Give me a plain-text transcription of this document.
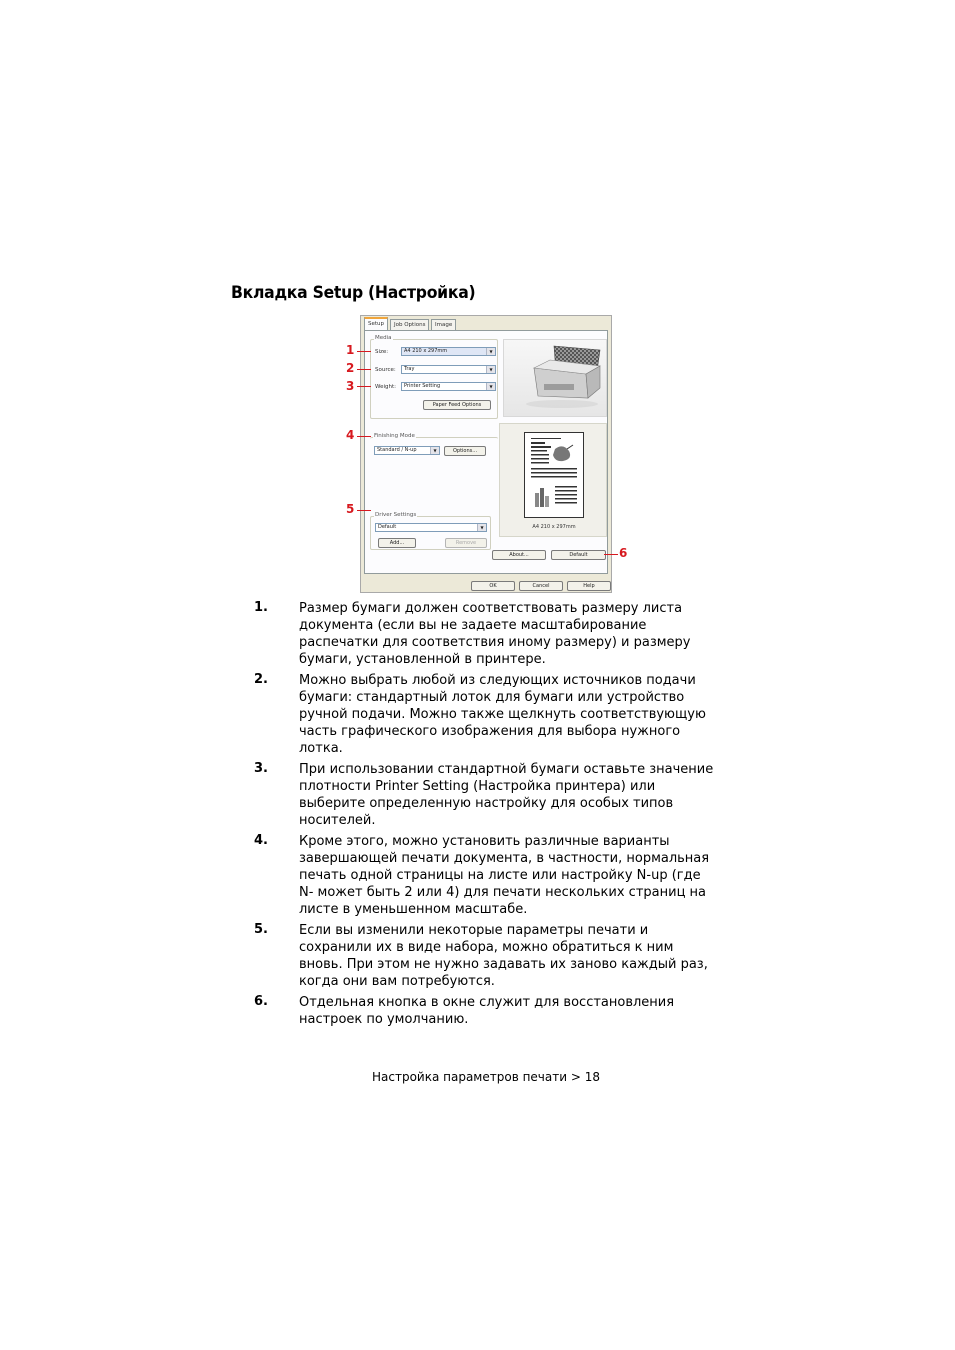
Вкладка Setup (Настройка)
Setup	Job Options	Image
Media
Size:	A4 210 x 297mm	▼
Source:	Tray	▼
Weight:	Printer Setting	▼
Paper Feed Options
Finishing Mode
Standard / N-up	▼	Options...
A4 210 x 297mm
Driver Settings
Default	▼
Add...	Remove
About...	Default
OK	Cancel	Help
1
2
3
4
5
6
1. Размер бумаги должен соответствовать размеру листа
документа (если вы не задаете масштабирование
распечатки для соответствия иному размеру) и размеру
бумаги, установленной в принтере.
2. Можно выбрать любой из следующих источников подачи
бумаги: стандартный лоток для бумаги или устройство
ручной подачи. Можно также щелкнуть соответствующую
часть графического изображения для выбора нужного
лотка.
3. При использовании стандартной бумаги оставьте значение
плотности Printer Setting (Настройка принтера) или
выберите определенную настройку для особых типов
носителей.
4. Кроме этого, можно установить различные варианты
завершающей печати документа, в частности, нормальная
печать одной страницы на листе или настройку N-up (где
N- может быть 2 или 4) для печати нескольких страниц на
листе в уменьшенном масштабе.
5. Если вы изменили некоторые параметры печати и
сохранили их в виде набора, можно обратиться к ним
вновь. При этом не нужно задавать их заново каждый раз,
когда они вам потребуются.
6. Отдельная кнопка в окне служит для восстановления
настроек по умолчанию.
Настройка параметров печати > 18
